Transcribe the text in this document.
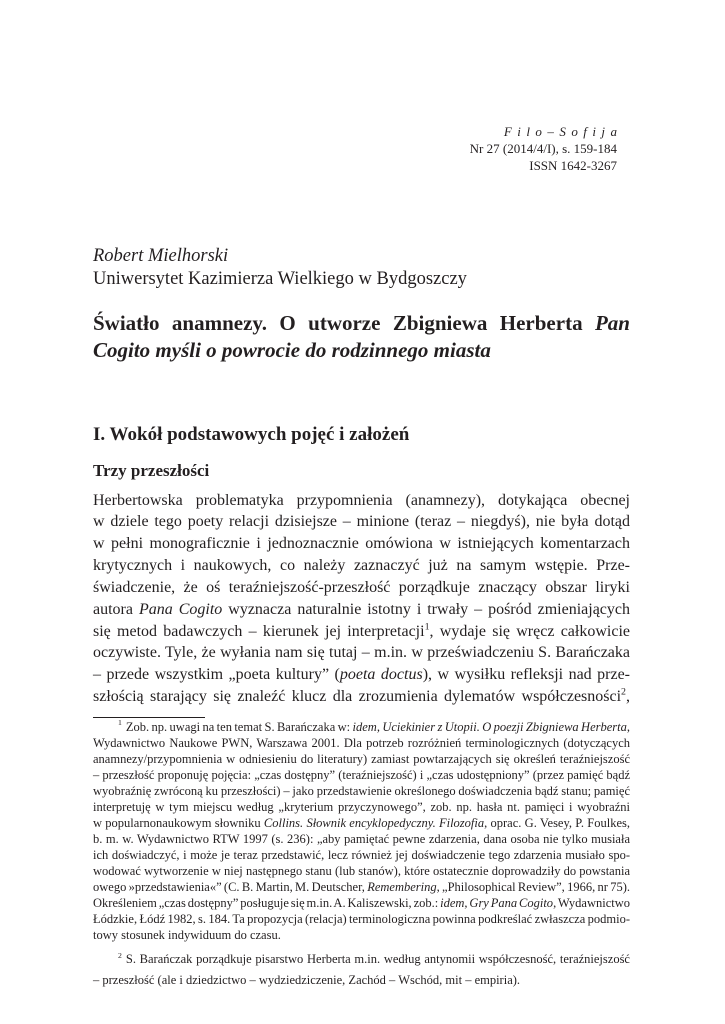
Filo–Sofija
Nr 27 (2014/4/I), s. 159-184
ISSN 1642-3267
Robert Mielhorski
Uniwersytet Kazimierza Wielkiego w Bydgoszczy
Światło anamnezy. O utworze Zbigniewa Herberta Pan
Cogito myśli o powrocie do rodzinnego miasta
I. Wokół podstawowych pojęć i założeń
Trzy przeszłości
Herbertowska problematyka przypomnienia (anamnezy), dotykająca obecnej
w dziele tego poety relacji dzisiejsze – minione (teraz – niegdyś), nie była dotąd
w pełni monograficznie i jednoznacznie omówiona w istniejących komentarzach
krytycznych i naukowych, co należy zaznaczyć już na samym wstępie. Prze-
świadczenie, że oś teraźniejszość-przeszłość porządkuje znaczący obszar liryki
autora Pana Cogito wyznacza naturalnie istotny i trwały – pośród zmieniających
się metod badawczych – kierunek jej interpretacji$^1$, wydaje się wręcz całkowicie
oczywiste. Tyle, że wyłania nam się tutaj – m.in. w przeświadczeniu S. Barańczaka
– przede wszystkim „poeta kultury” (poeta doctus), w wysiłku refleksji nad prze-
szłością starający się znaleźć klucz dla zrozumienia dylematów współczesności$^2$,
$^1$ Zob. np. uwagi na ten temat S. Barańczaka w: idem, Uciekinier z Utopii. O poezji Zbigniewa Herberta,
Wydawnictwo Naukowe PWN, Warszawa 2001. Dla potrzeb rozróżnień terminologicznych (dotyczących
anamnezy/przypomnienia w odniesieniu do literatury) zamiast powtarzających się określeń teraźniejszość
– przeszłość proponuję pojęcia: „czas dostępny” (teraźniejszość) i „czas udostępniony” (przez pamięć bądź
wyobraźnię zwróconą ku przeszłości) – jako przedstawienie określonego doświadczenia bądź stanu; pamięć
interpretuję w tym miejscu według „kryterium przyczynowego”, zob. np. hasła nt. pamięci i wyobraźni
w popularnonaukowym słowniku Collins. Słownik encyklopedyczny. Filozofia, oprac. G. Vesey, P. Foulkes,
b. m. w. Wydawnictwo RTW 1997 (s. 236): „aby pamiętać pewne zdarzenia, dana osoba nie tylko musiała
ich doświadczyć, i może je teraz przedstawić, lecz również jej doświadczenie tego zdarzenia musiało spo-
wodować wytworzenie w niej następnego stanu (lub stanów), które ostatecznie doprowadziły do powstania
owego »przedstawienia«” (C. B. Martin, M. Deutscher, Remembering, „Philosophical Review”, 1966, nr 75).
Określeniem „czas dostępny” posługuje się m.in. A. Kaliszewski, zob.: idem, Gry Pana Cogito, Wydawnictwo
Łódzkie, Łódź 1982, s. 184. Ta propozycja (relacja) terminologiczna powinna podkreślać zwłaszcza podmio-
towy stosunek indywiduum do czasu.
$^2$ S. Barańczak porządkuje pisarstwo Herberta m.in. według antynomii współczesność, teraźniejszość
– przeszłość (ale i dziedzictwo – wydziedziczenie, Zachód – Wschód, mit – empiria).
